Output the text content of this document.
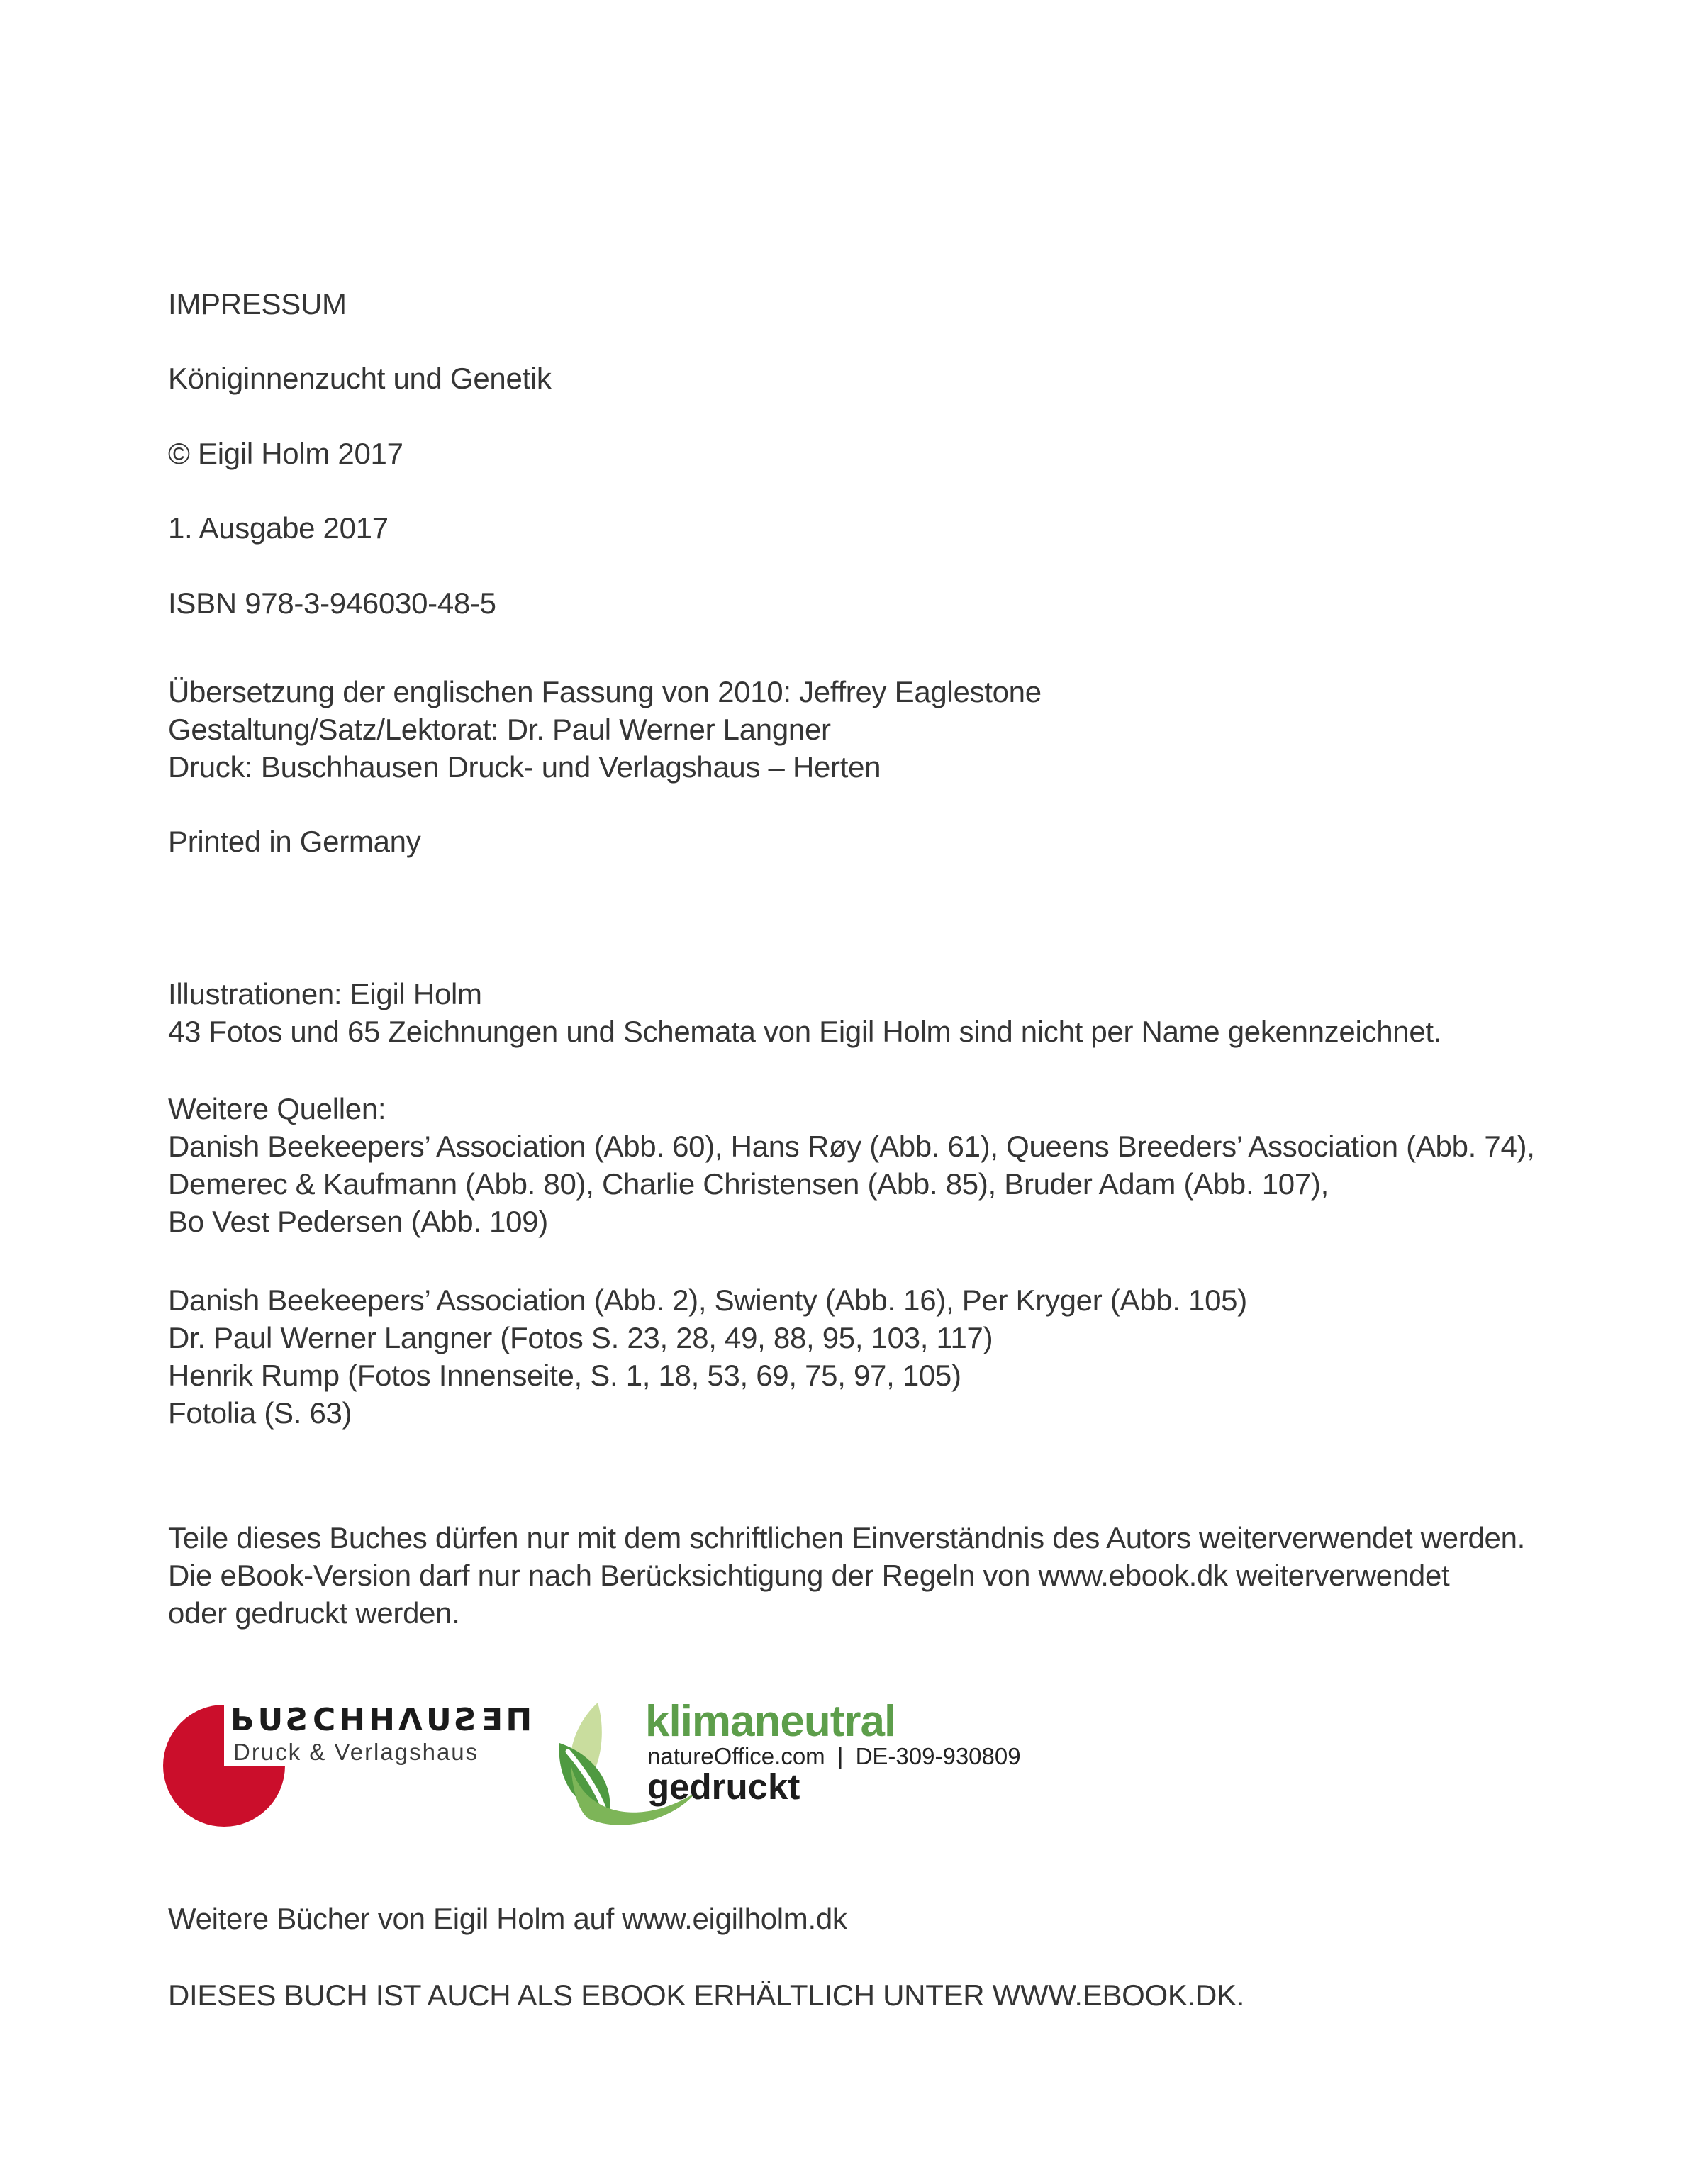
IMPRESSUM
Königinnenzucht und Genetik
© Eigil Holm 2017
1. Ausgabe 2017
ISBN 978-3-946030-48-5
Übersetzung der englischen Fassung von 2010: Jeffrey Eaglestone
Gestaltung/Satz/Lektorat: Dr. Paul Werner Langner
Druck: Buschhausen Druck- und Verlagshaus – Herten
Printed in Germany
Illustrationen: Eigil Holm
43 Fotos und 65 Zeichnungen und Schemata von Eigil Holm sind nicht per Name gekennzeichnet.
Weitere Quellen:
Danish Beekeepers’ Association (Abb. 60), Hans Røy (Abb. 61), Queens Breeders’ Association (Abb. 74),
Demerec & Kaufmann (Abb. 80), Charlie Christensen (Abb. 85), Bruder Adam (Abb. 107),
Bo Vest Pedersen (Abb. 109)
Danish Beekeepers’ Association (Abb. 2), Swienty (Abb. 16), Per Kryger (Abb. 105)
Dr. Paul Werner Langner (Fotos S. 23, 28, 49, 88, 95, 103, 117)
Henrik Rump (Fotos Innenseite, S. 1, 18, 53, 69, 75, 97, 105)
Fotolia (S. 63)
Teile dieses Buches dürfen nur mit dem schriftlichen Einverständnis des Autors weiterverwendet werden.
Die eBook-Version darf nur nach Berücksichtigung der Regeln von www.ebook.dk weiterverwendet
oder gedruckt werden.
ЬUƧCHHΛUƧƎП
Druck & Verlagshaus
klimaneutral
natureOffice.com | DE-309-930809
gedruckt
Weitere Bücher von Eigil Holm auf www.eigilholm.dk
DIESES BUCH IST AUCH ALS EBOOK ERHÄLTLICH UNTER WWW.EBOOK.DK.
